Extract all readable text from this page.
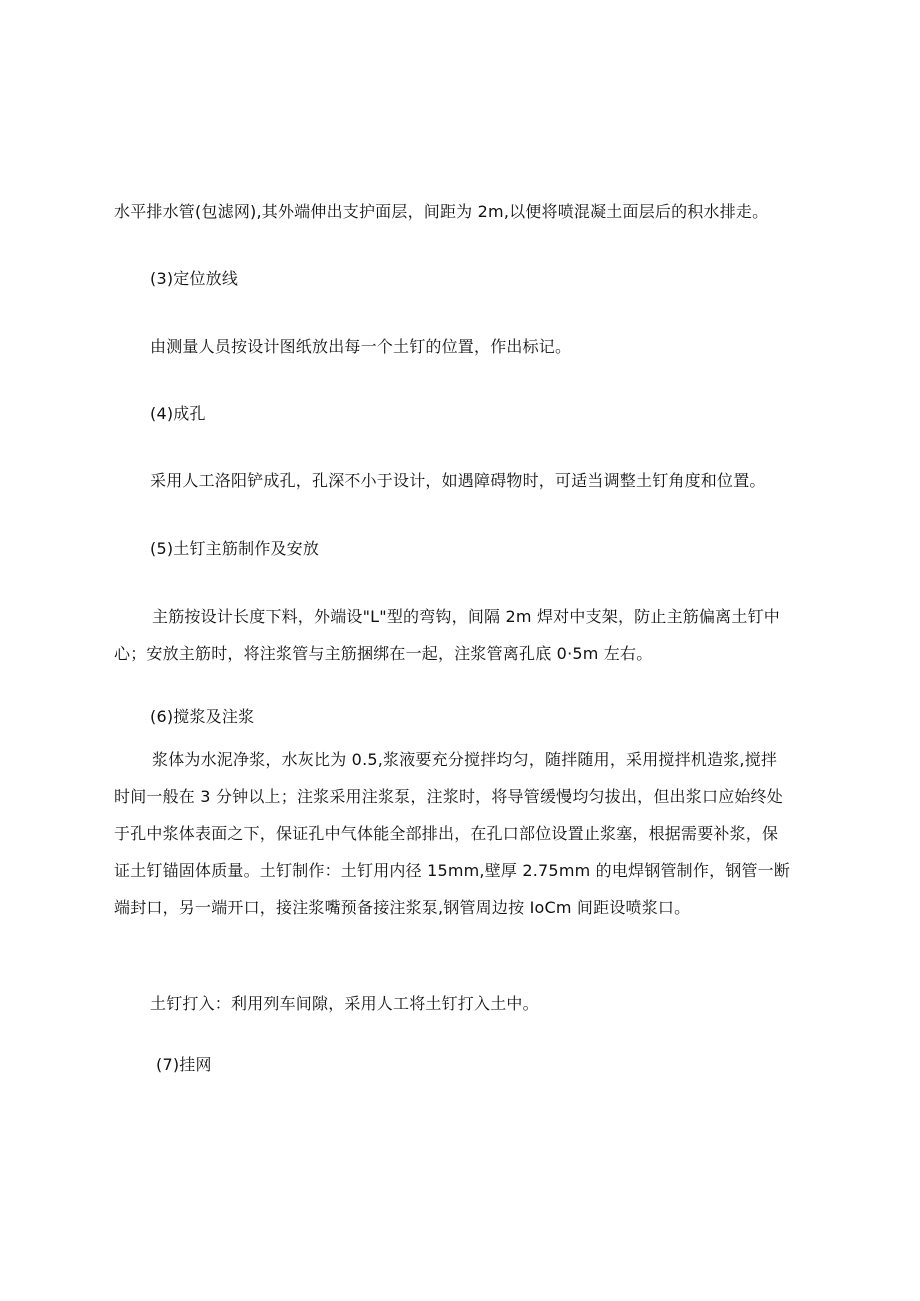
水平排水管(包滤网),其外端伸出支护面层，间距为 2m,以便将喷混凝土面层后的积水排走。
(3)定位放线
由测量人员按设计图纸放出每一个土钉的位置，作出标记。
(4)成孔
采用人工洛阳铲成孔，孔深不小于设计，如遇障碍物时，可适当调整土钉角度和位置。
(5)土钉主筋制作及安放
主筋按设计长度下料，外端设"L"型的弯钩，间隔 2m 焊对中支架，防止主筋偏离土钉中
心；安放主筋时，将注浆管与主筋捆绑在一起，注浆管离孔底 0·5m 左右。
(6)搅浆及注浆
浆体为水泥净浆，水灰比为 0.5,浆液要充分搅拌均匀，随拌随用，采用搅拌机造浆,搅拌
时间一般在 3 分钟以上；注浆采用注浆泵，注浆时，将导管缓慢均匀拔出，但出浆口应始终处
于孔中浆体表面之下，保证孔中气体能全部排出，在孔口部位设置止浆塞，根据需要补浆，保
证土钉锚固体质量。土钉制作：土钉用内径 15mm,壁厚 2.75mm 的电焊钢管制作，钢管一断
端封口，另一端开口，接注浆嘴预备接注浆泵,钢管周边按 IoCm 间距设喷浆口。
土钉打入：利用列车间隙，采用人工将土钉打入土中。
(7)挂网
